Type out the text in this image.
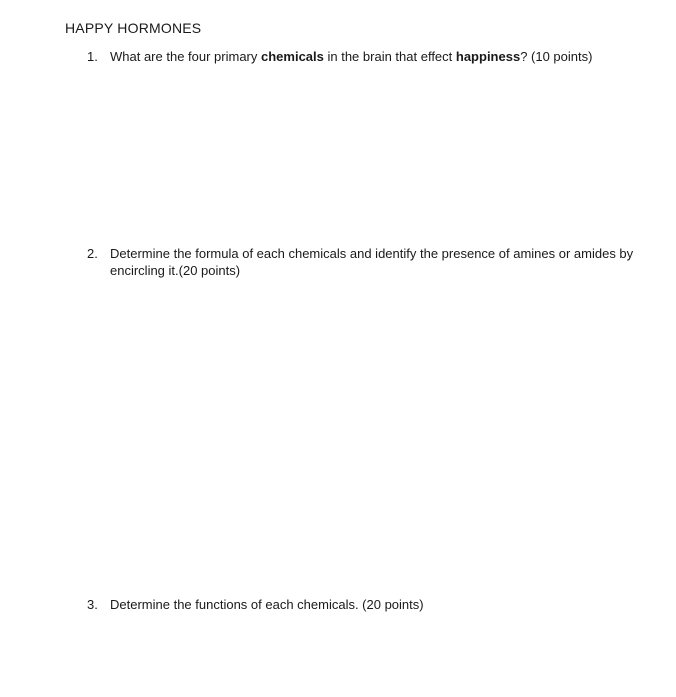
HAPPY HORMONES
1. What are the four primary chemicals in the brain that effect happiness? (10 points)
2. Determine the formula of each chemicals and identify the presence of amines or amides by encircling it.(20 points)
3. Determine the functions of each chemicals. (20 points)
